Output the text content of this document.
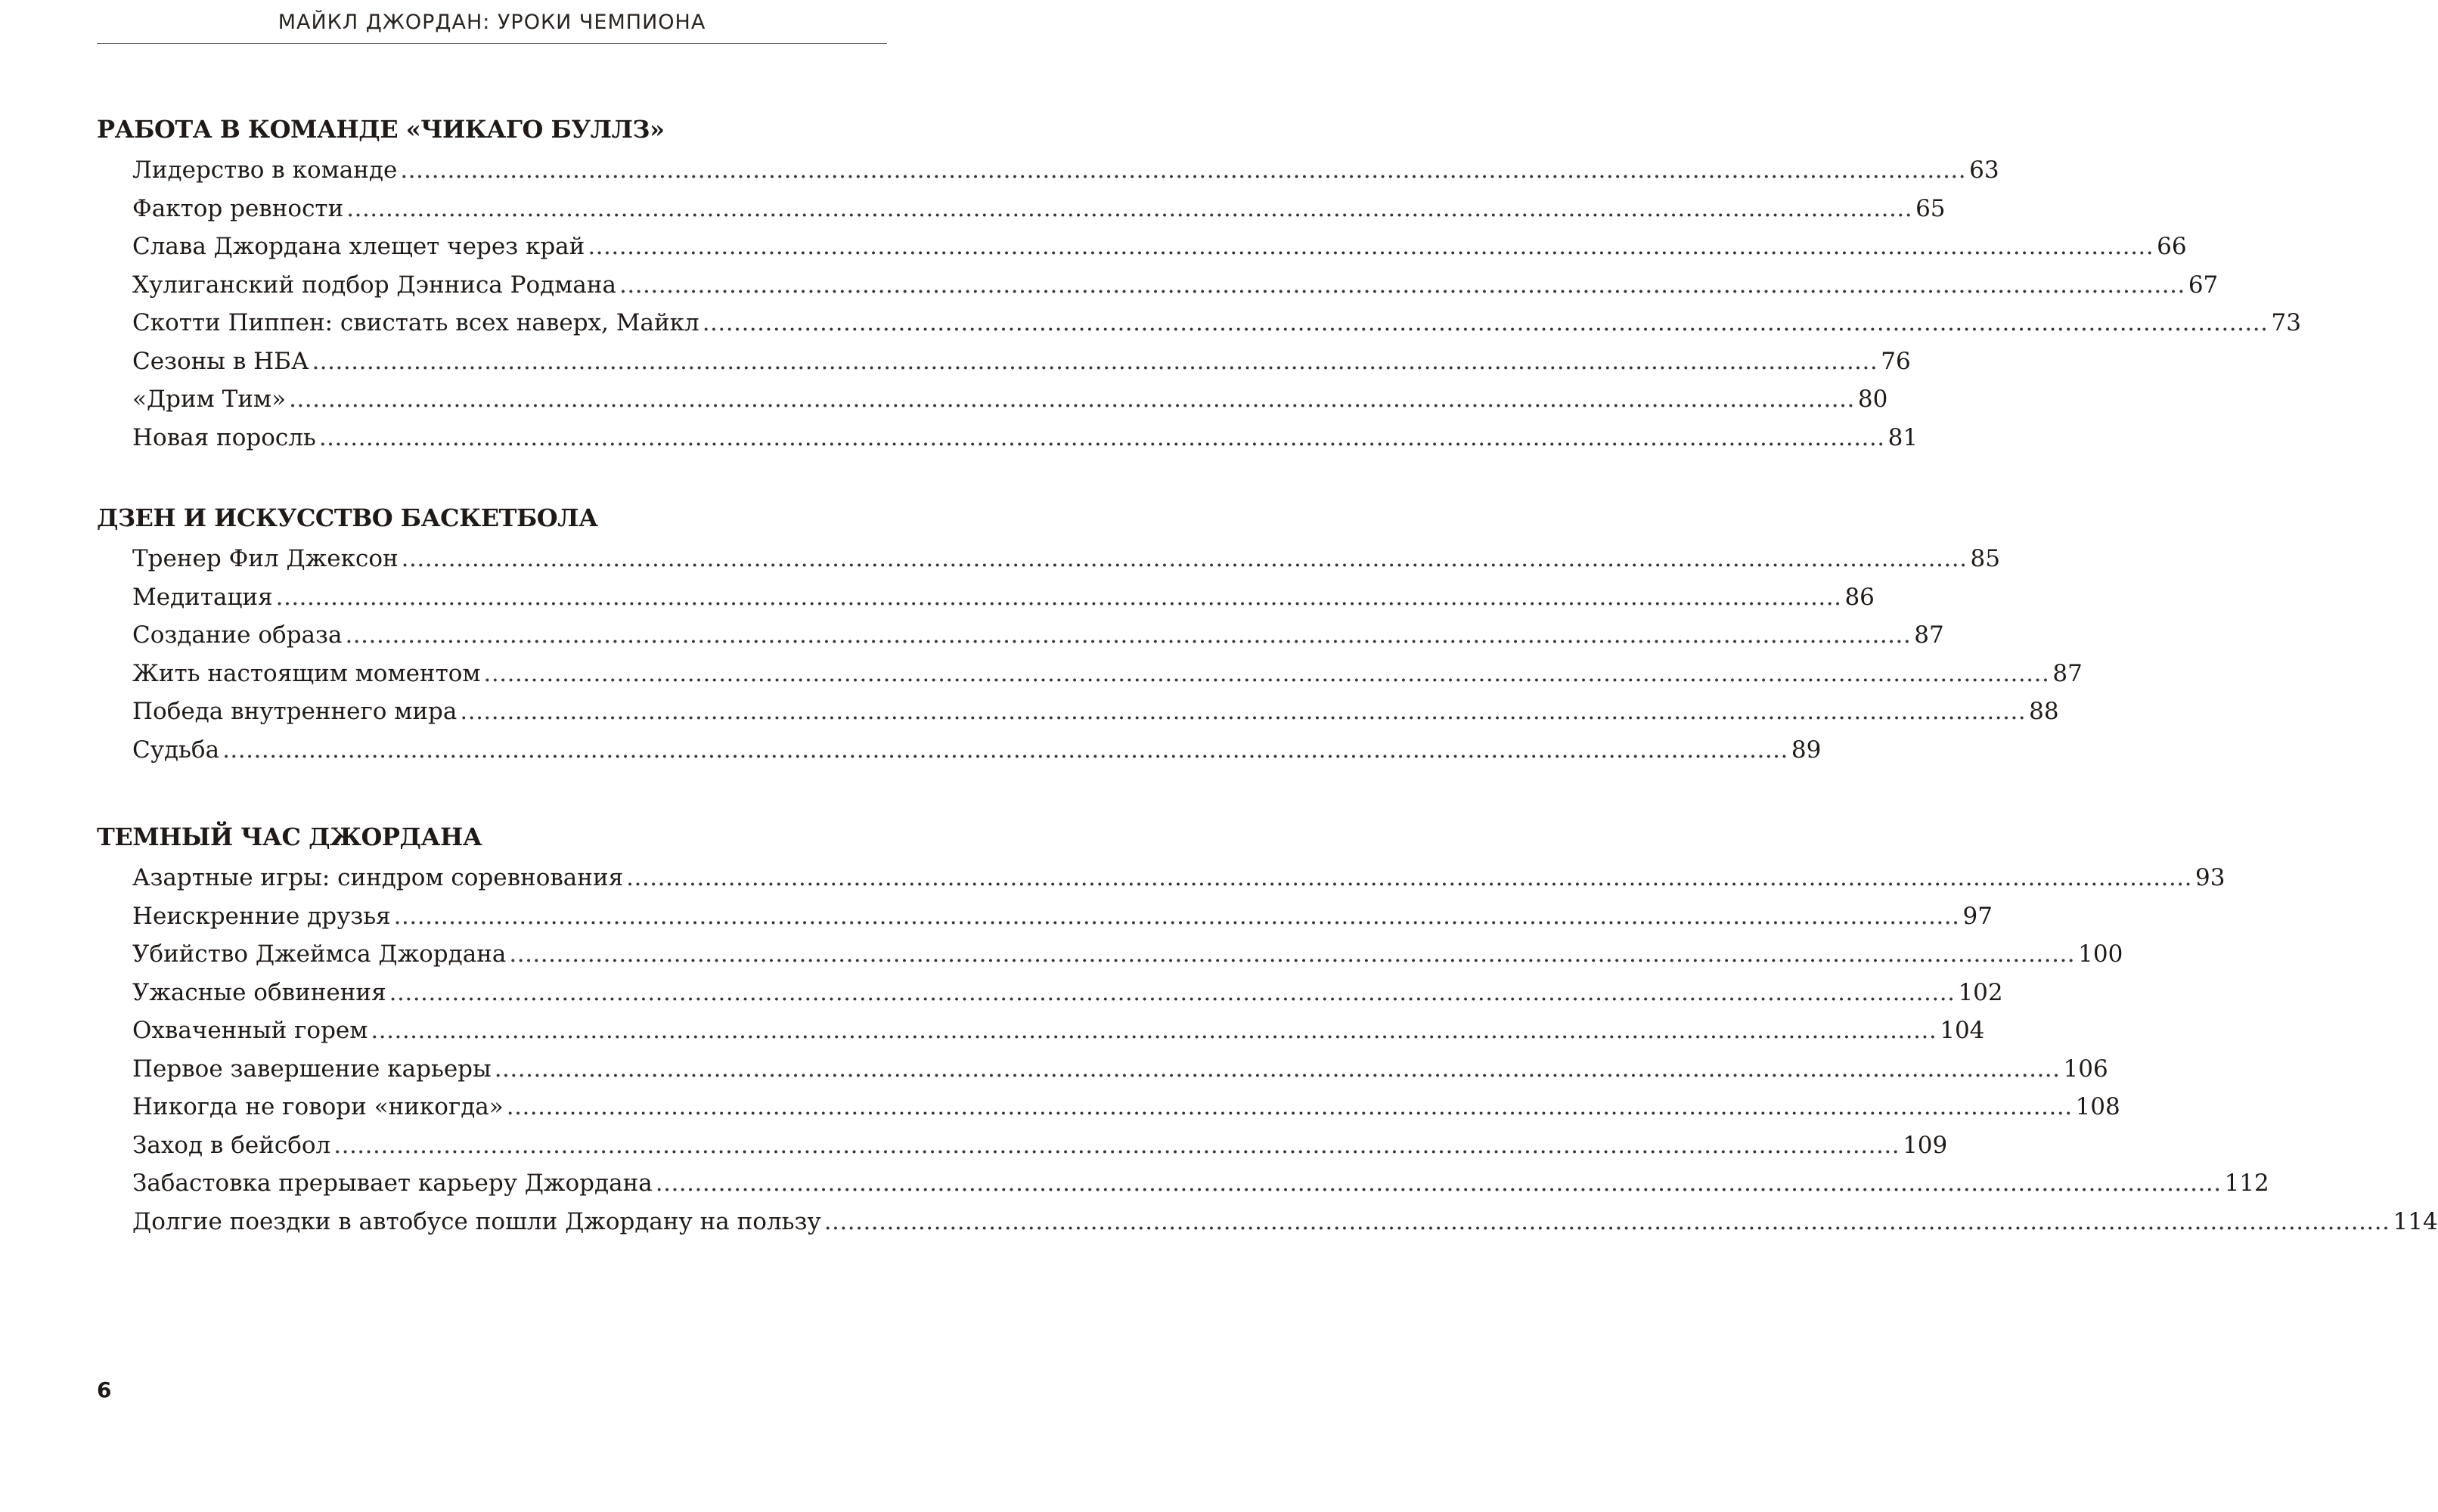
МАЙКЛ ДЖОРДАН: УРОКИ ЧЕМПИОНА
РАБОТА В КОМАНДЕ «ЧИКАГО БУЛЛЗ»
Лидерство в команде .....	63
Фактор ревности .....	65
Слава Джордана хлещет через край .....	66
Хулиганский подбор Дэнниса Родмана .....	67
Скотти Пиппен: свистать всех наверх, Майкл .....	73
Сезоны в НБА .....	76
«Дрим Тим» .....	80
Новая поросль .....	81
ДЗЕН И ИСКУССТВО БАСКЕТБОЛА
Тренер Фил Джексон .....	85
Медитация .....	86
Создание образа .....	87
Жить настоящим моментом .....	87
Победа внутреннего мира .....	88
Судьба .....	89
ТЕМНЫЙ ЧАС ДЖОРДАНА
Азартные игры: синдром соревнования .....	93
Неискренние друзья .....	97
Убийство Джеймса Джордана .....	100
Ужасные обвинения .....	102
Охваченный горем .....	104
Первое завершение карьеры .....	106
Никогда не говори «никогда» .....	108
Заход в бейсбол .....	109
Забастовка прерывает карьеру Джордана .....	112
Долгие поездки в автобусе пошли Джордану на пользу .....	114
6
